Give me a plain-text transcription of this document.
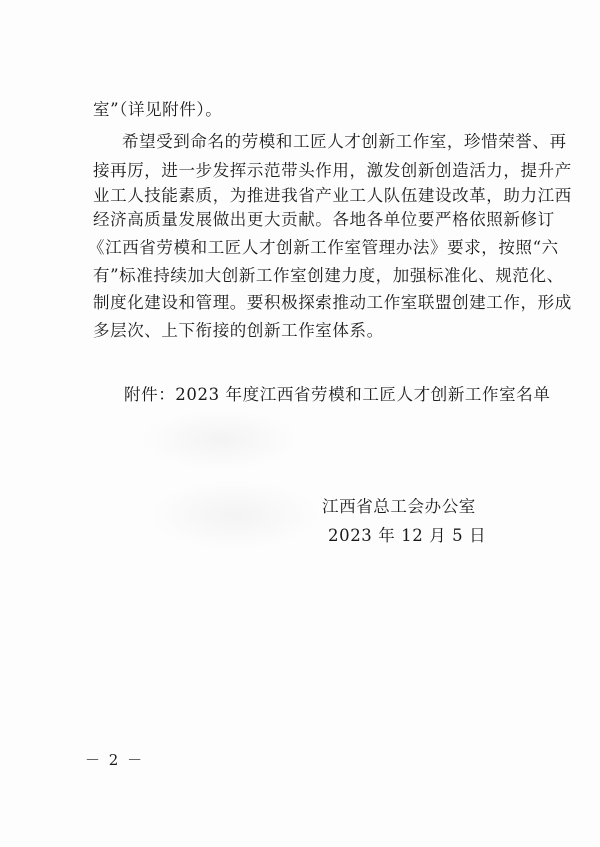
室”（详见附件）。
希望受到命名的劳模和工匠人才创新工作室，珍惜荣誉、再
接再厉，进一步发挥示范带头作用，激发创新创造活力，提升产
业工人技能素质，为推进我省产业工人队伍建设改革，助力江西
经济高质量发展做出更大贡献。各地各单位要严格依照新修订
《江西省劳模和工匠人才创新工作室管理办法》要求，按照“六
有”标准持续加大创新工作室创建力度，加强标准化、规范化、
制度化建设和管理。要积极探索推动工作室联盟创建工作，形成
多层次、上下衔接的创新工作室体系。
附件：2023 年度江西省劳模和工匠人才创新工作室名单
江西省总工会办公室
2023 年 12 月 5 日
－ 2 －
